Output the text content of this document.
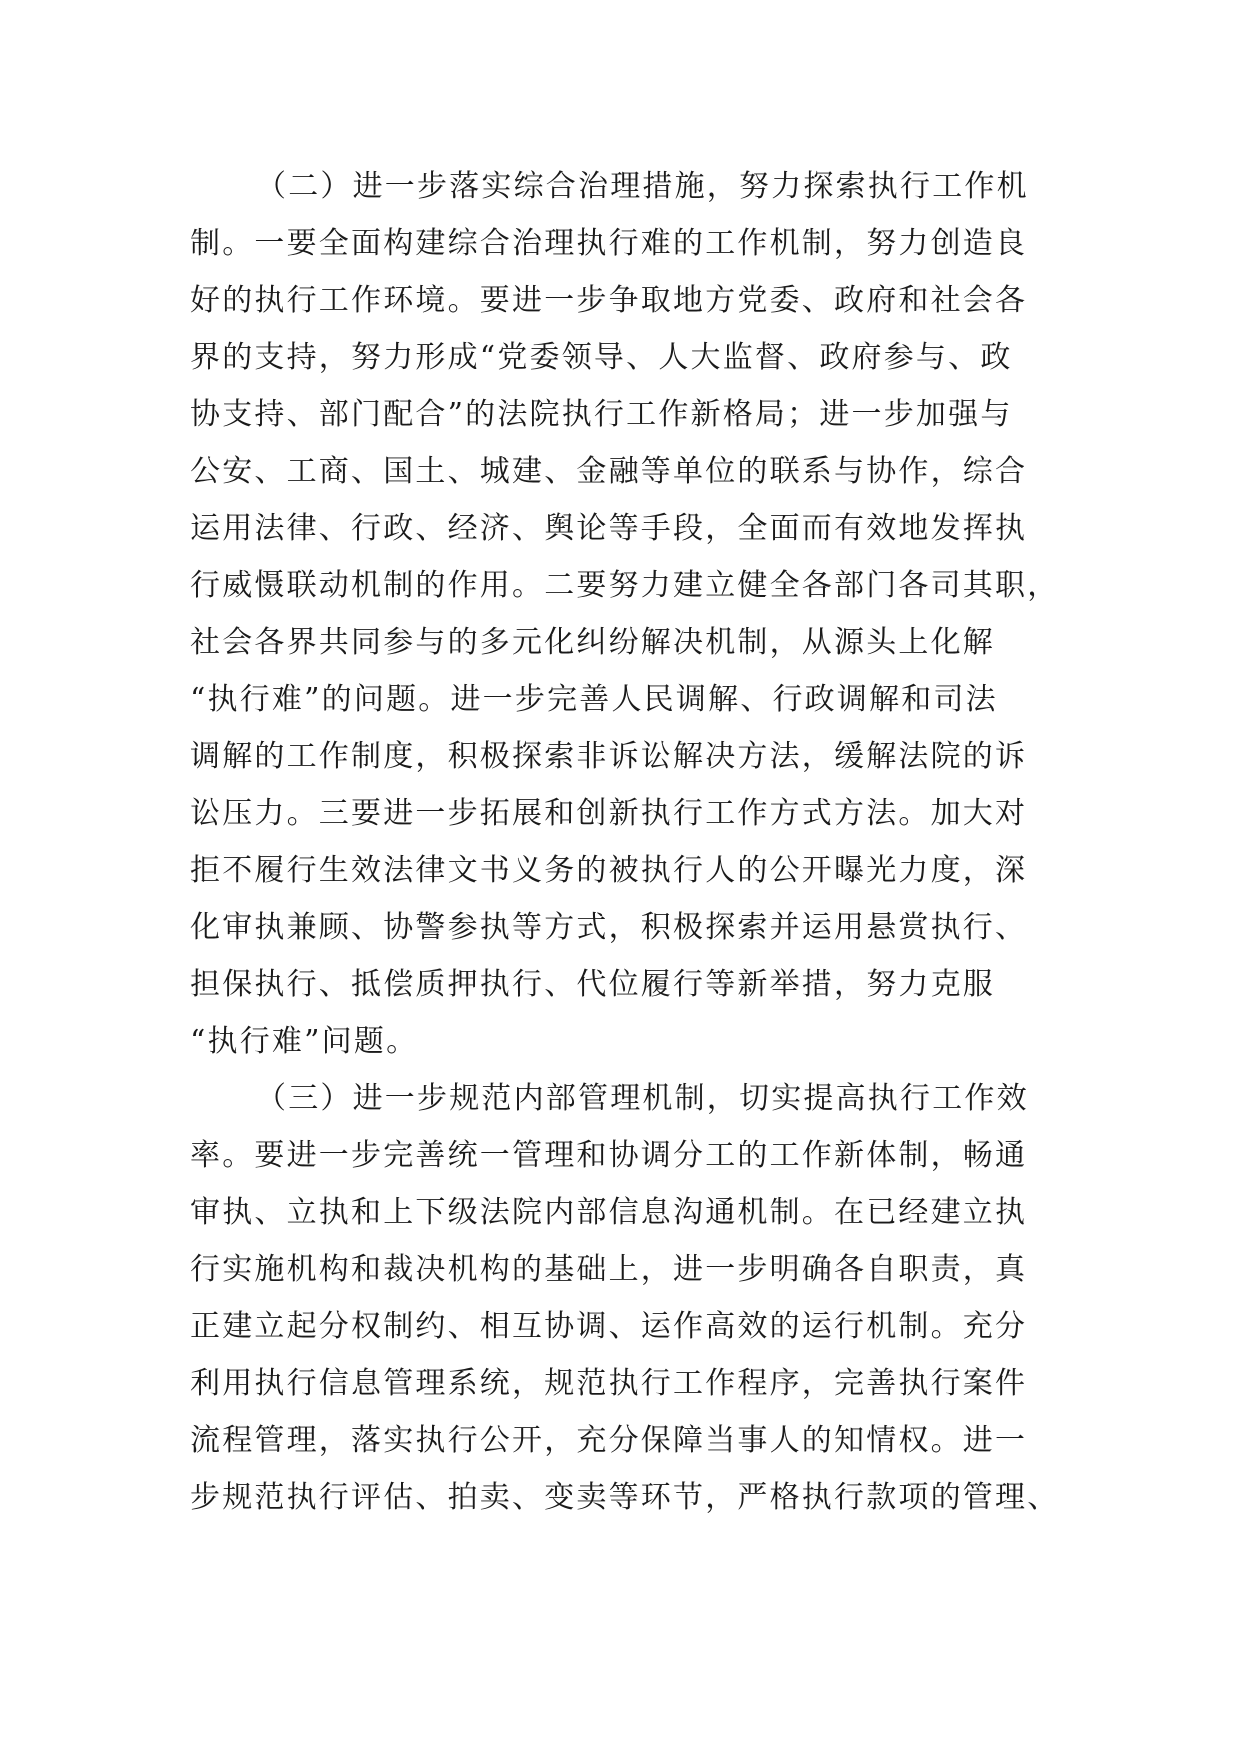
（二）进一步落实综合治理措施，努力探索执行工作机
制。一要全面构建综合治理执行难的工作机制，努力创造良
好的执行工作环境。要进一步争取地方党委、政府和社会各
界的支持，努力形成“党委领导、人大监督、政府参与、政
协支持、部门配合”的法院执行工作新格局；进一步加强与
公安、工商、国土、城建、金融等单位的联系与协作，综合
运用法律、行政、经济、舆论等手段，全面而有效地发挥执
行威慑联动机制的作用。二要努力建立健全各部门各司其职，
社会各界共同参与的多元化纠纷解决机制，从源头上化解
“执行难”的问题。进一步完善人民调解、行政调解和司法
调解的工作制度，积极探索非诉讼解决方法，缓解法院的诉
讼压力。三要进一步拓展和创新执行工作方式方法。加大对
拒不履行生效法律文书义务的被执行人的公开曝光力度，深
化审执兼顾、协警参执等方式，积极探索并运用悬赏执行、
担保执行、抵偿质押执行、代位履行等新举措，努力克服
“执行难”问题。
（三）进一步规范内部管理机制，切实提高执行工作效
率。要进一步完善统一管理和协调分工的工作新体制，畅通
审执、立执和上下级法院内部信息沟通机制。在已经建立执
行实施机构和裁决机构的基础上，进一步明确各自职责，真
正建立起分权制约、相互协调、运作高效的运行机制。充分
利用执行信息管理系统，规范执行工作程序，完善执行案件
流程管理，落实执行公开，充分保障当事人的知情权。进一
步规范执行评估、拍卖、变卖等环节，严格执行款项的管理、
